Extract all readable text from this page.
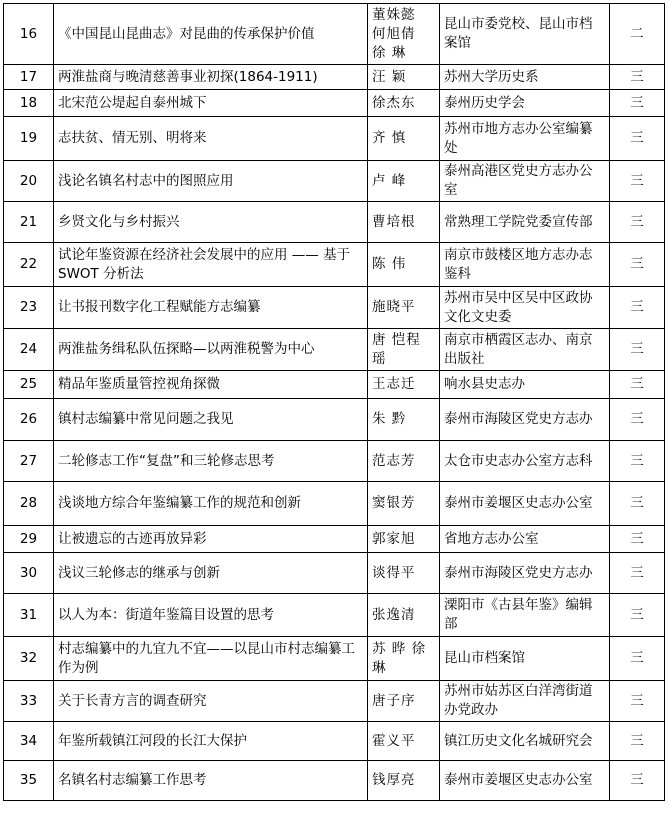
16	《中国昆山昆曲志》对昆曲的传承保护价值	董姝懿 何旭倩 徐 琳	昆山市委党校、昆山市档案馆	二
17	两淮盐商与晚清慈善事业初探(1864-1911)	汪 颖	苏州大学历史系	三
18	北宋范公堤起自泰州城下	徐杰东	泰州历史学会	三
19	志扶贫、情无别、明将来	齐 慎	苏州市地方志办公室编纂处	三
20	浅论名镇名村志中的图照应用	卢 峰	泰州高港区党史方志办公室	三
21	乡贤文化与乡村振兴	曹培根	常熟理工学院党委宣传部	三
22	试论年鉴资源在经济社会发展中的应用 —— 基于 SWOT 分析法	陈 伟	南京市鼓楼区地方志办志鉴科	三
23	让书报刊数字化工程赋能方志编纂	施晓平	苏州市吴中区吴中区政协文化文史委	三
24	两淮盐务缉私队伍探略—以两淮税警为中心	唐 恺程瑶	南京市栖霞区志办、南京出版社	三
25	精品年鉴质量管控视角探微	王志迁	响水县史志办	三
26	镇村志编纂中常见问题之我见	朱 黔	泰州市海陵区党史方志办	三
27	二轮修志工作“复盘”和三轮修志思考	范志芳	太仓市史志办公室方志科	三
28	浅谈地方综合年鉴编纂工作的规范和创新	窦银芳	泰州市姜堰区史志办公室	三
29	让被遗忘的古迹再放异彩	郭家旭	省地方志办公室	三
30	浅议三轮修志的继承与创新	谈得平	泰州市海陵区党史方志办	三
31	以人为本：街道年鉴篇目设置的思考	张逸清	溧阳市《古县年鉴》编辑部	三
32	村志编纂中的九宜九不宜——以昆山市村志编纂工作为例	苏 晔 徐 琳	昆山市档案馆	三
33	关于长青方言的调查研究	唐子序	苏州市姑苏区白洋湾街道办党政办	三
34	年鉴所载镇江河段的长江大保护	霍义平	镇江历史文化名城研究会	三
35	名镇名村志编纂工作思考	钱厚亮	泰州市姜堰区史志办公室	三
